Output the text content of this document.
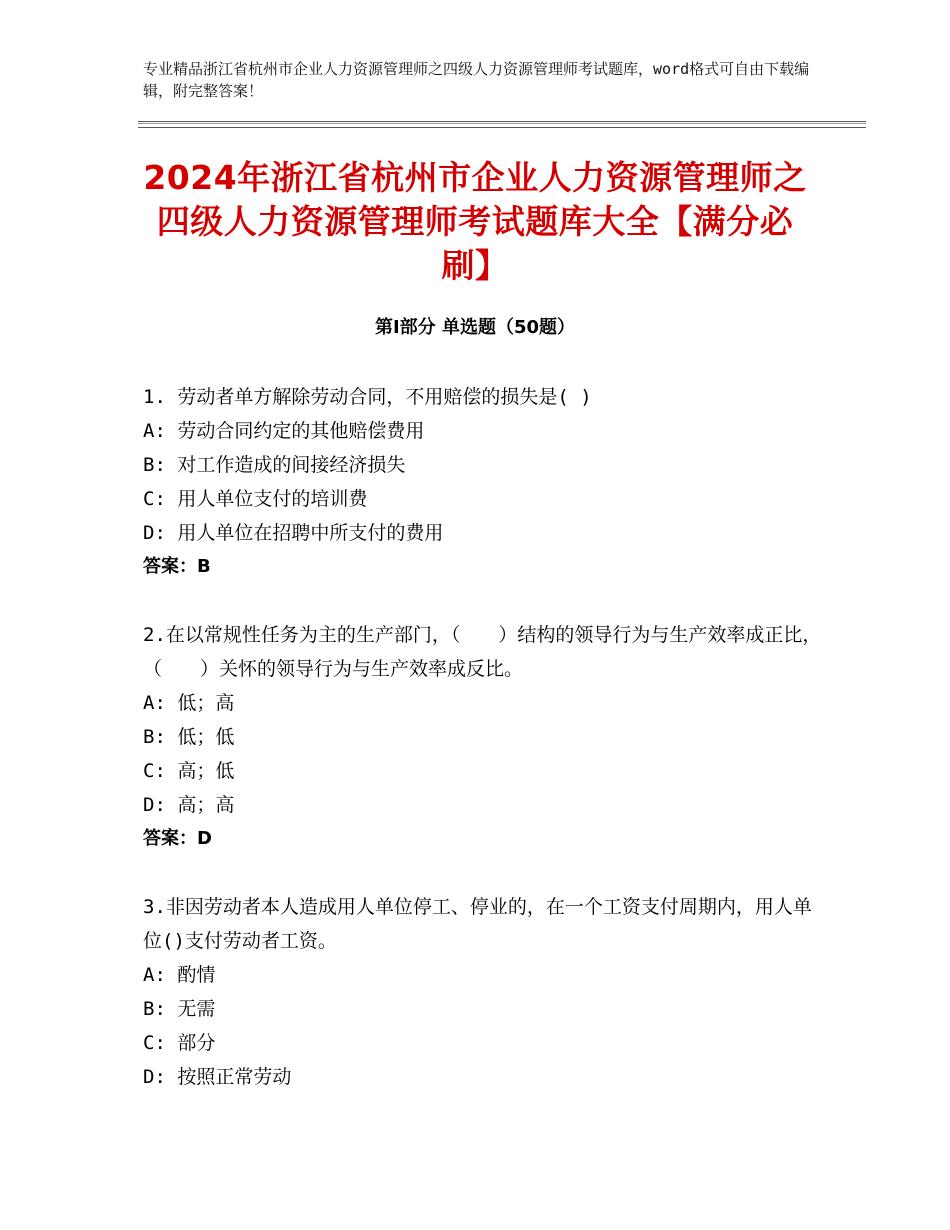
专业精品浙江省杭州市企业人力资源管理师之四级人力资源管理师考试题库，word格式可自由下载编辑，附完整答案！
2024年浙江省杭州市企业人力资源管理师之四级人力资源管理师考试题库大全【满分必刷】
第Ⅰ部分 单选题（50题）
1. 劳动者单方解除劳动合同，不用赔偿的损失是( )
A: 劳动合同约定的其他赔偿费用
B: 对工作造成的间接经济损失
C: 用人单位支付的培训费
D: 用人单位在招聘中所支付的费用
答案：B
2.在以常规性任务为主的生产部门，（　　）结构的领导行为与生产效率成正比，（　　）关怀的领导行为与生产效率成反比。
A: 低；高
B: 低；低
C: 高；低
D: 高；高
答案：D
3.非因劳动者本人造成用人单位停工、停业的，在一个工资支付周期内，用人单位()支付劳动者工资。
A: 酌情
B: 无需
C: 部分
D: 按照正常劳动
